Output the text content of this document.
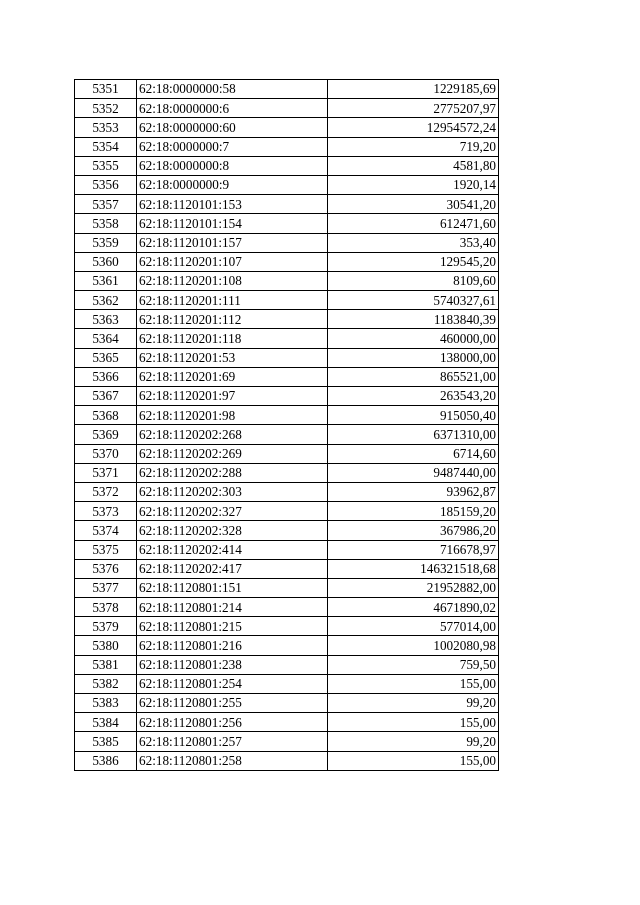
5351	62:18:0000000:58	1229185,69
5352	62:18:0000000:6	2775207,97
5353	62:18:0000000:60	12954572,24
5354	62:18:0000000:7	719,20
5355	62:18:0000000:8	4581,80
5356	62:18:0000000:9	1920,14
5357	62:18:1120101:153	30541,20
5358	62:18:1120101:154	612471,60
5359	62:18:1120101:157	353,40
5360	62:18:1120201:107	129545,20
5361	62:18:1120201:108	8109,60
5362	62:18:1120201:111	5740327,61
5363	62:18:1120201:112	1183840,39
5364	62:18:1120201:118	460000,00
5365	62:18:1120201:53	138000,00
5366	62:18:1120201:69	865521,00
5367	62:18:1120201:97	263543,20
5368	62:18:1120201:98	915050,40
5369	62:18:1120202:268	6371310,00
5370	62:18:1120202:269	6714,60
5371	62:18:1120202:288	9487440,00
5372	62:18:1120202:303	93962,87
5373	62:18:1120202:327	185159,20
5374	62:18:1120202:328	367986,20
5375	62:18:1120202:414	716678,97
5376	62:18:1120202:417	146321518,68
5377	62:18:1120801:151	21952882,00
5378	62:18:1120801:214	4671890,02
5379	62:18:1120801:215	577014,00
5380	62:18:1120801:216	1002080,98
5381	62:18:1120801:238	759,50
5382	62:18:1120801:254	155,00
5383	62:18:1120801:255	99,20
5384	62:18:1120801:256	155,00
5385	62:18:1120801:257	99,20
5386	62:18:1120801:258	155,00
